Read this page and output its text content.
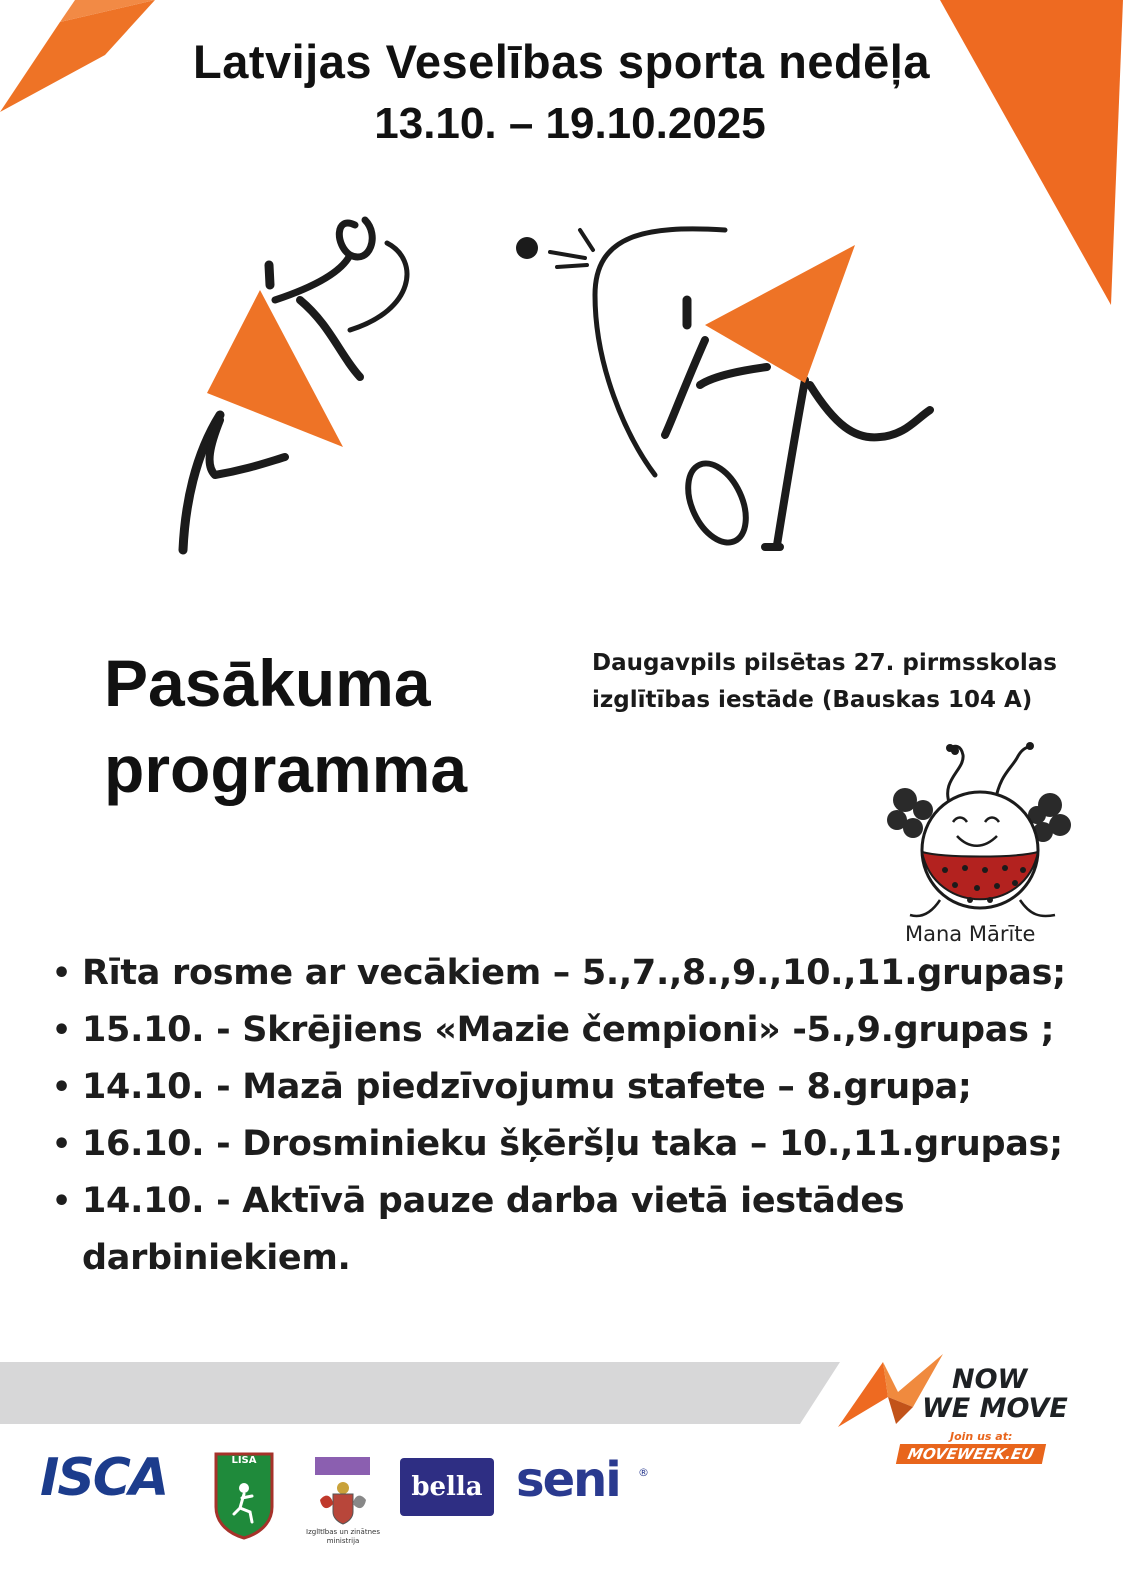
Latvijas Veselības sporta nedēļa
13.10. – 19.10.2025
Pasākuma
programma
Daugavpils pilsētas 27. pirmsskolas
izglītības iestāde (Bauskas 104 A)
Mana Mārīte
• Rīta rosme ar vecākiem – 5.,7.,8.,9.,10.,11.grupas;
• 15.10. - Skrējiens «Mazie čempioni» -5.,9.grupas ;
• 14.10. - Mazā piedzīvojumu stafete – 8.grupa;
• 16.10. - Drosminieku šķēršļu taka – 10.,11.grupas;
• 14.10. - Aktīvā pauze darba vietā iestādes darbiniekiem.
NOW
WE MOVE
Join us at:
MOVEWEEK.EU
ISCA	LISA
Izglītības un zinātnes ministrija
bella seni ®
